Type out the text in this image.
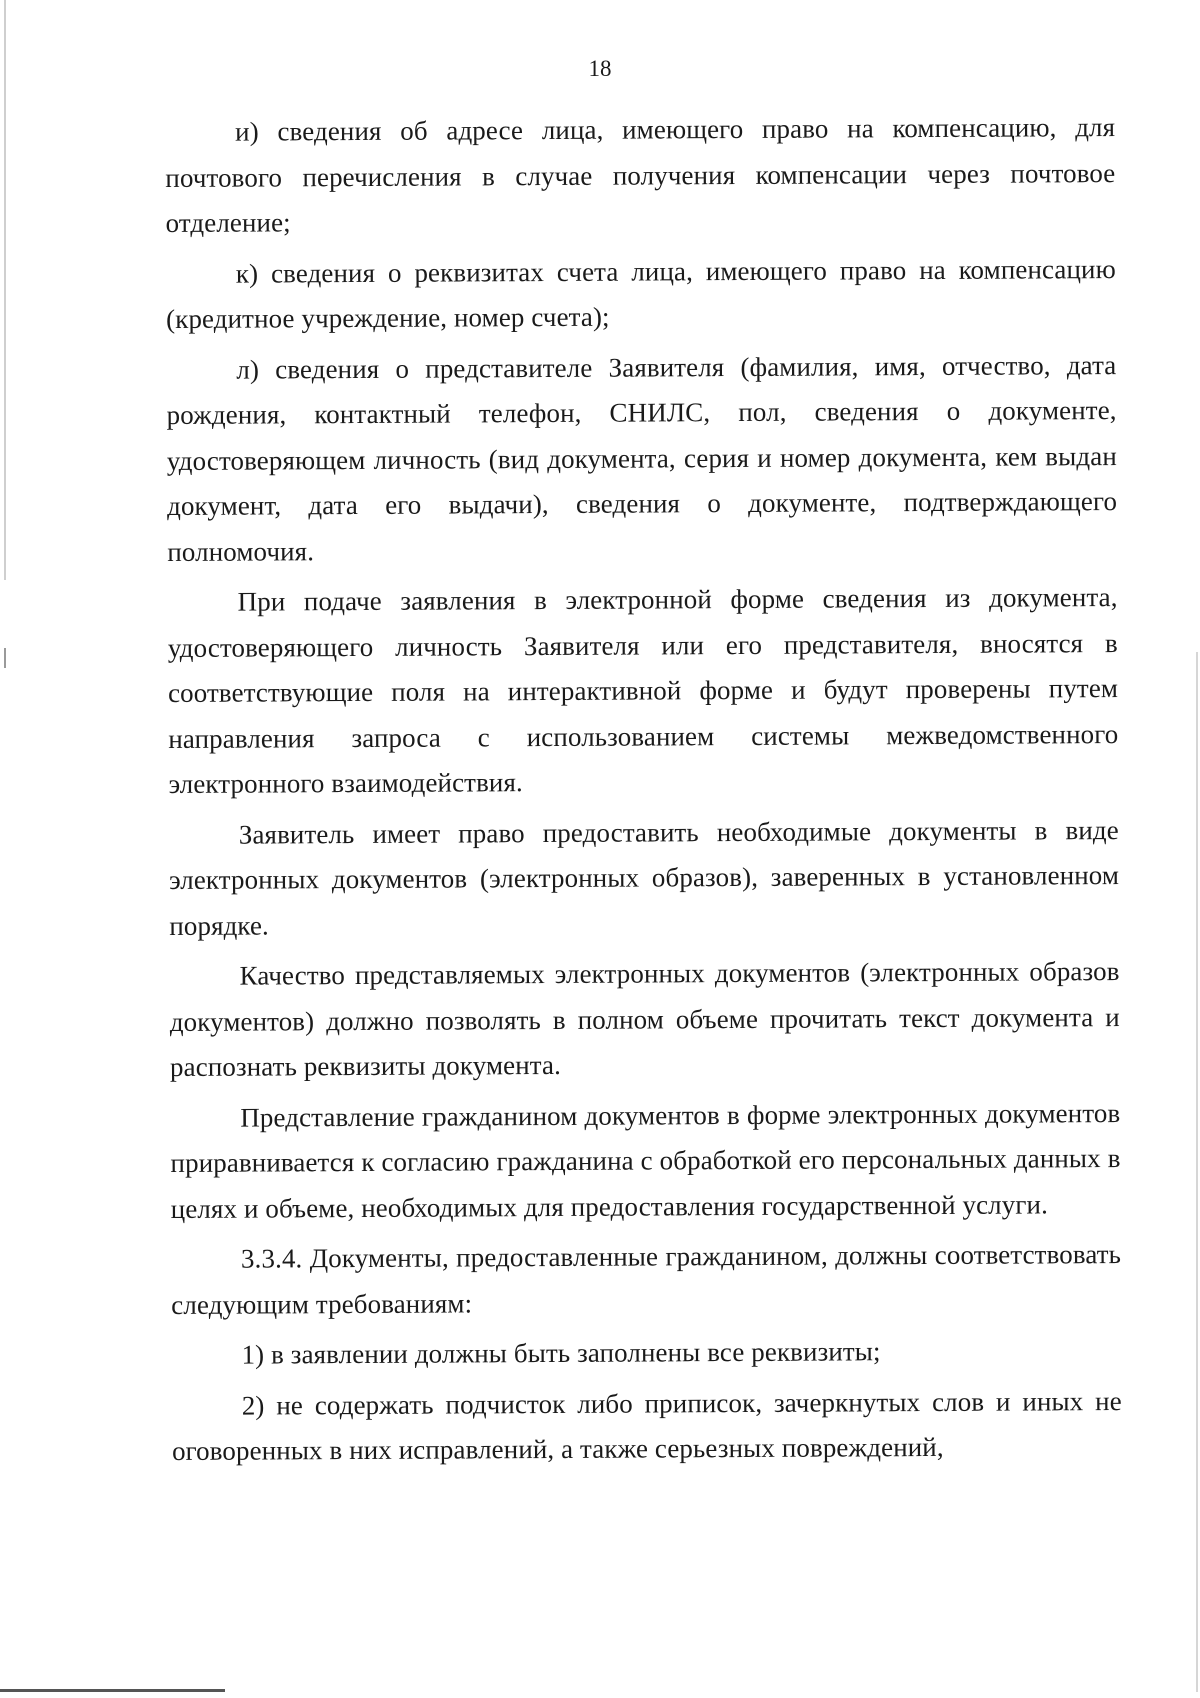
18

и) сведения об адресе лица, имеющего право на компенсацию, для почтового перечисления в случае получения компенсации через почтовое отделение;

к) сведения о реквизитах счета лица, имеющего право на компенсацию (кредитное учреждение, номер счета);

л) сведения о представителе Заявителя (фамилия, имя, отчество, дата рождения, контактный телефон, СНИЛС, пол, сведения о документе, удостоверяющем личность (вид документа, серия и номер документа, кем выдан документ, дата его выдачи), сведения о документе, подтверждающего полномочия.

При подаче заявления в электронной форме сведения из документа, удостоверяющего личность Заявителя или его представителя, вносятся в соответствующие поля на интерактивной форме и будут проверены путем направления запроса с использованием системы межведомственного электронного взаимодействия.

Заявитель имеет право предоставить необходимые документы в виде электронных документов (электронных образов), заверенных в установленном порядке.

Качество представляемых электронных документов (электронных образов документов) должно позволять в полном объеме прочитать текст документа и распознать реквизиты документа.

Представление гражданином документов в форме электронных документов приравнивается к согласию гражданина с обработкой его персональных данных в целях и объеме, необходимых для предоставления государственной услуги.

3.3.4. Документы, предоставленные гражданином, должны соответствовать следующим требованиям:

1) в заявлении должны быть заполнены все реквизиты;

2) не содержать подчисток либо приписок, зачеркнутых слов и иных не оговоренных в них исправлений, а также серьезных повреждений,
